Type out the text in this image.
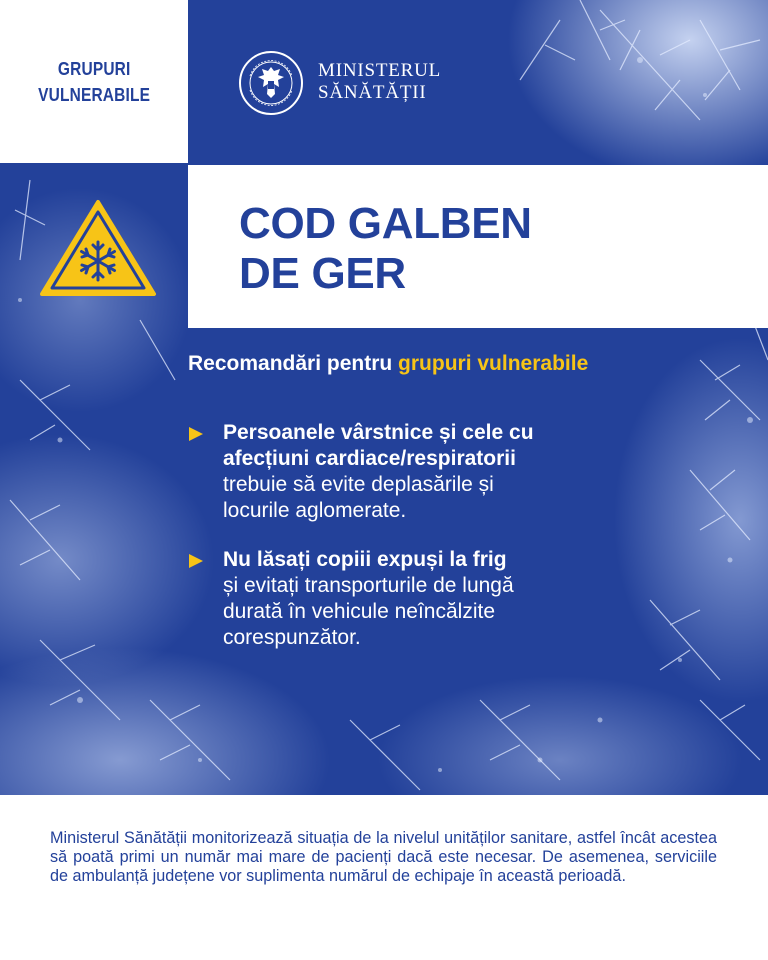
GRUPURI
VULNERABILE
MINISTERUL
SĂNĂTĂȚII
COD GALBEN
DE GER
Recomandări pentru grupuri vulnerabile
Persoanele vârstnice și cele cu
afecțiuni cardiace/respiratorii
trebuie să evite deplasările și
locurile aglomerate.
Nu lăsați copiii expuși la frig
și evitați transporturile de lungă
durată în vehicule neîncălzite
corespunzător.
Ministerul Sănătății monitorizează situația de la nivelul unităților sanitare, astfel încât acestea să poată primi un număr mai mare de pacienți dacă este necesar. De asemenea, serviciile de ambulanță județene vor suplimenta numărul de echipaje în această perioadă.
